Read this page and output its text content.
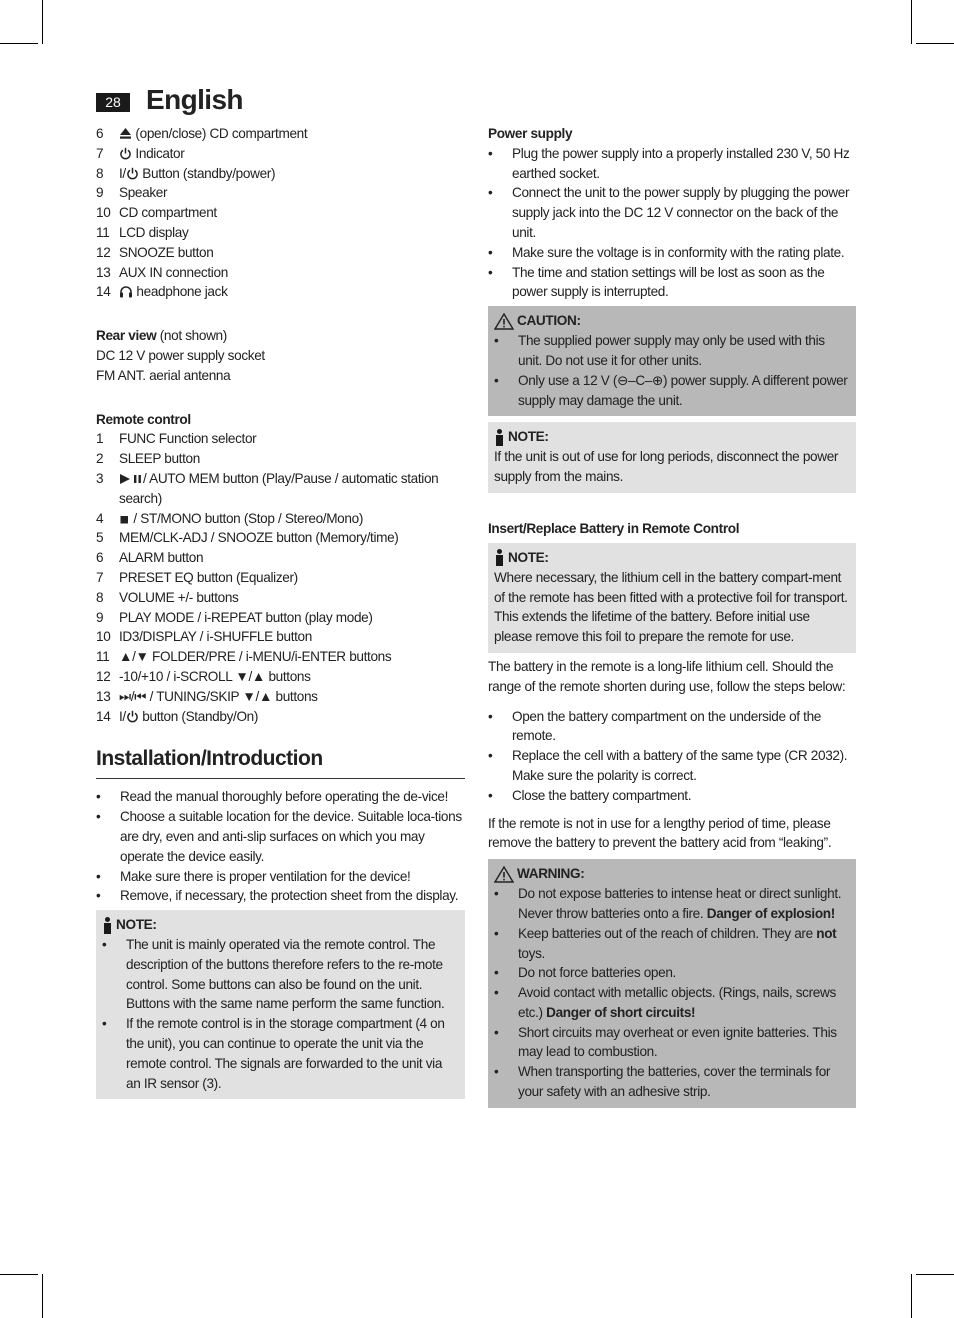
28 English
6	(open/close) CD compartment
7	Indicator
8	I/ Button (standby/power)
9	Speaker
10 CD compartment
11 LCD display
12 SNOOZE button
13 AUX IN connection
14	headphone jack
Rear view (not shown)
DC 12 V power supply socket
FM ANT. aerial antenna
Remote control
1	FUNC Function selector
2	SLEEP button
3	/ AUTO MEM button (Play/Pause / automatic station search)
4	/ ST/MONO button (Stop / Stereo/Mono)
5	MEM/CLK-ADJ / SNOOZE button (Memory/time)
6	ALARM button
7	PRESET EQ button (Equalizer)
8	VOLUME +/- buttons
9	PLAY MODE / i-REPEAT button (play mode)
10 ID3/DISPLAY / i-SHUFFLE button
11 ▲/▼ FOLDER/PRE / i-MENU/i-ENTER buttons
12 -10/+10 / i-SCROLL ▼/▲ buttons
13 ⏭/⏮ / TUNING/SKIP ▼/▲ buttons
14 I/ button (Standby/On)
Installation/Introduction
•	Read the manual thoroughly before operating the de-vice!
•	Choose a suitable location for the device. Suitable loca-tions are dry, even and anti-slip surfaces on which you may operate the device easily.
•	Make sure there is proper ventilation for the device!
•	Remove, if necessary, the protection sheet from the display.
NOTE:
•	The unit is mainly operated via the remote control. The description of the buttons therefore refers to the re-mote control. Some buttons can also be found on the unit. Buttons with the same name perform the same function.
•	If the remote control is in the storage compartment (4 on the unit), you can continue to operate the unit via the remote control. The signals are forwarded to the unit via an IR sensor (3).
Power supply
•	Plug the power supply into a properly installed 230 V, 50 Hz earthed socket.
•	Connect the unit to the power supply by plugging the power supply jack into the DC 12 V connector on the back of the unit.
•	Make sure the voltage is in conformity with the rating plate.
•	The time and station settings will be lost as soon as the power supply is interrupted.
CAUTION:
•	The supplied power supply may only be used with this unit. Do not use it for other units.
•	Only use a 12 V (⊖–C–⊕) power supply. A different power supply may damage the unit.
NOTE:

If the unit is out of use for long periods, disconnect the power supply from the mains.

Insert/Replace Battery in Remote Control
NOTE:

Where necessary, the lithium cell in the battery compart-ment of the remote has been fitted with a protective foil for transport. This extends the lifetime of the battery. Before initial use please remove this foil to prepare the remote for use.

The battery in the remote is a long-life lithium cell. Should the range of the remote shorten during use, follow the steps below:

•	Open the battery compartment on the underside of the remote.
•	Replace the cell with a battery of the same type (CR 2032). Make sure the polarity is correct.
•	Close the battery compartment.

If the remote is not in use for a lengthy period of time, please remove the battery to prevent the battery acid from “leaking”.

WARNING:
•	Do not expose batteries to intense heat or direct sunlight. Never throw batteries onto a fire. Danger of explosion!
•	Keep batteries out of the reach of children. They are not toys.
•	Do not force batteries open.
•	Avoid contact with metallic objects. (Rings, nails, screws etc.) Danger of short circuits!
•	Short circuits may overheat or even ignite batteries. This may lead to combustion.
•	When transporting the batteries, cover the terminals for your safety with an adhesive strip.
